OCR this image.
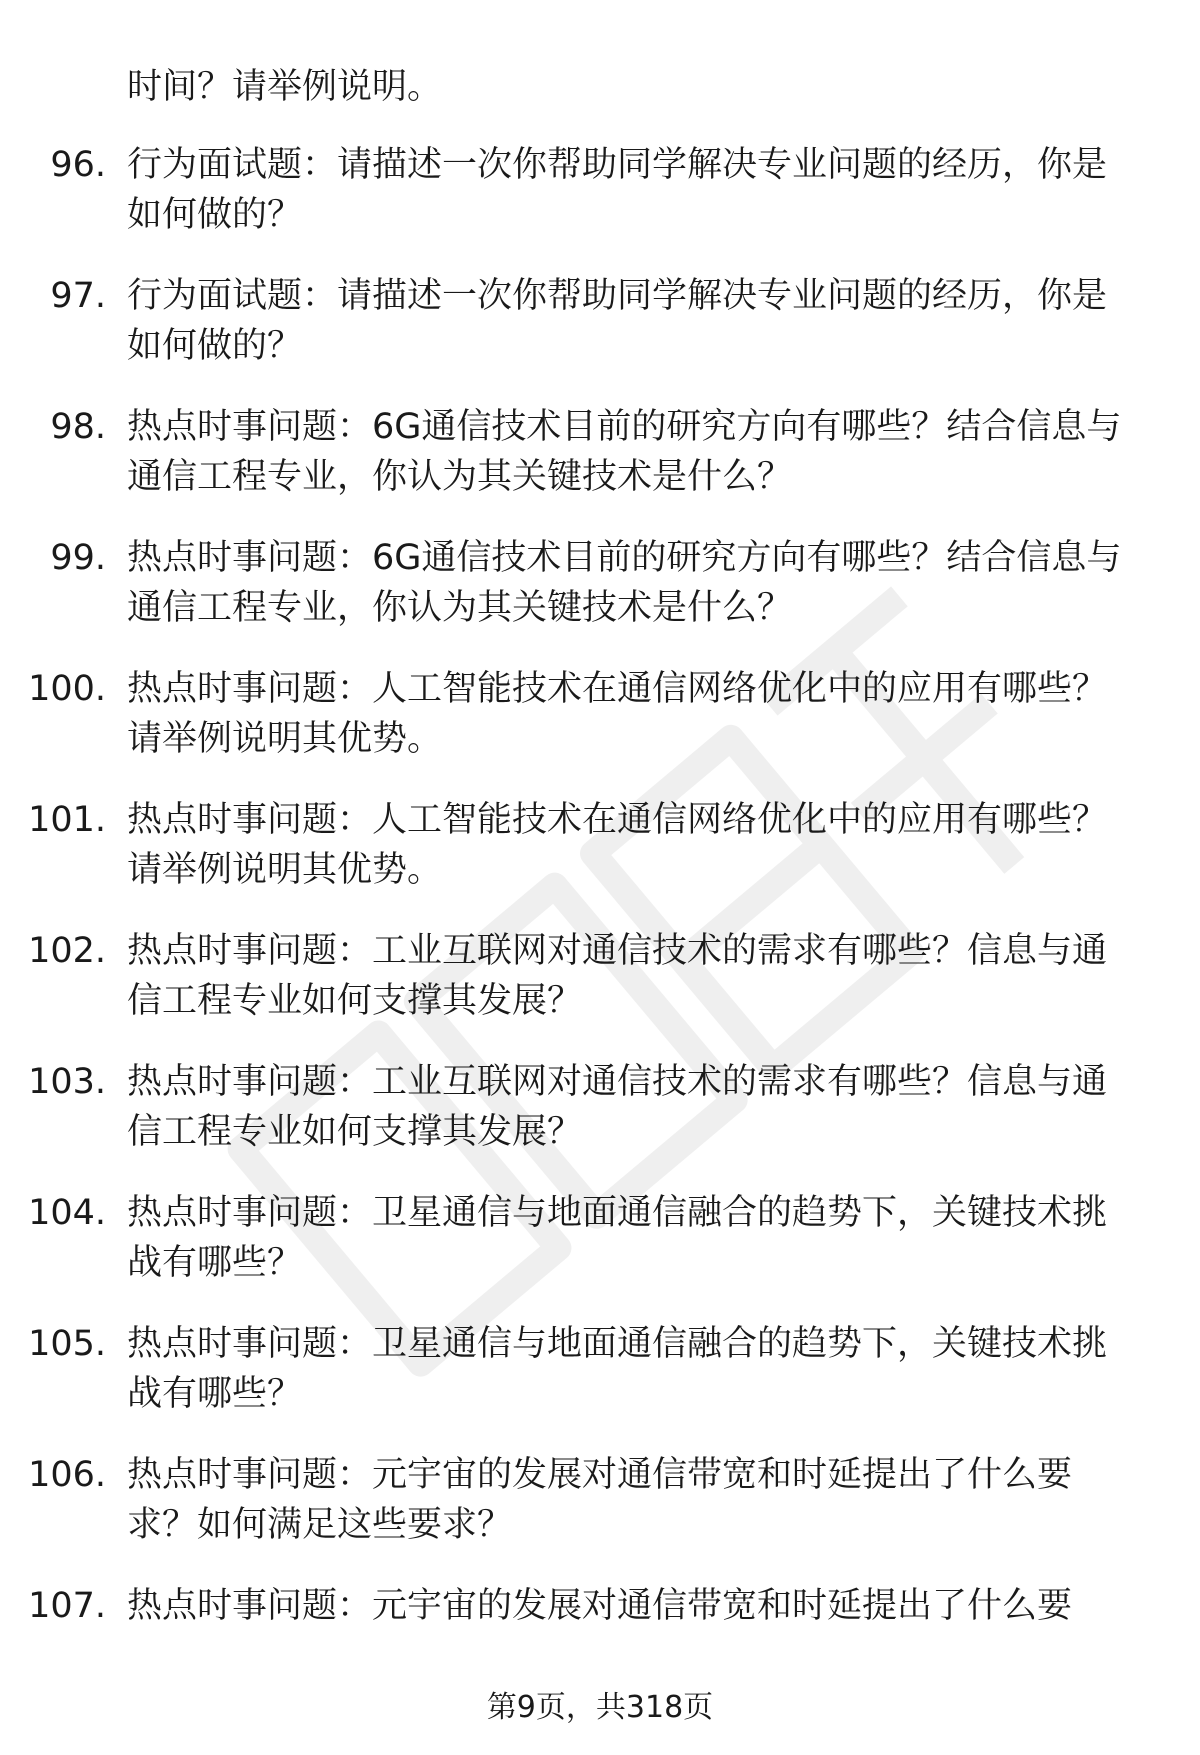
时间？请举例说明。
96. 行为面试题：请描述一次你帮助同学解决专业问题的经历，你是
如何做的？
97. 行为面试题：请描述一次你帮助同学解决专业问题的经历，你是
如何做的？
98. 热点时事问题：6G通信技术目前的研究方向有哪些？结合信息与
通信工程专业，你认为其关键技术是什么？
99. 热点时事问题：6G通信技术目前的研究方向有哪些？结合信息与
通信工程专业，你认为其关键技术是什么？
100. 热点时事问题：人工智能技术在通信网络优化中的应用有哪些？
请举例说明其优势。
101. 热点时事问题：人工智能技术在通信网络优化中的应用有哪些？
请举例说明其优势。
102. 热点时事问题：工业互联网对通信技术的需求有哪些？信息与通
信工程专业如何支撑其发展？
103. 热点时事问题：工业互联网对通信技术的需求有哪些？信息与通
信工程专业如何支撑其发展？
104. 热点时事问题：卫星通信与地面通信融合的趋势下，关键技术挑
战有哪些？
105. 热点时事问题：卫星通信与地面通信融合的趋势下，关键技术挑
战有哪些？
106. 热点时事问题：元宇宙的发展对通信带宽和时延提出了什么要
求？如何满足这些要求？
107. 热点时事问题：元宇宙的发展对通信带宽和时延提出了什么要
第9页，共318页
